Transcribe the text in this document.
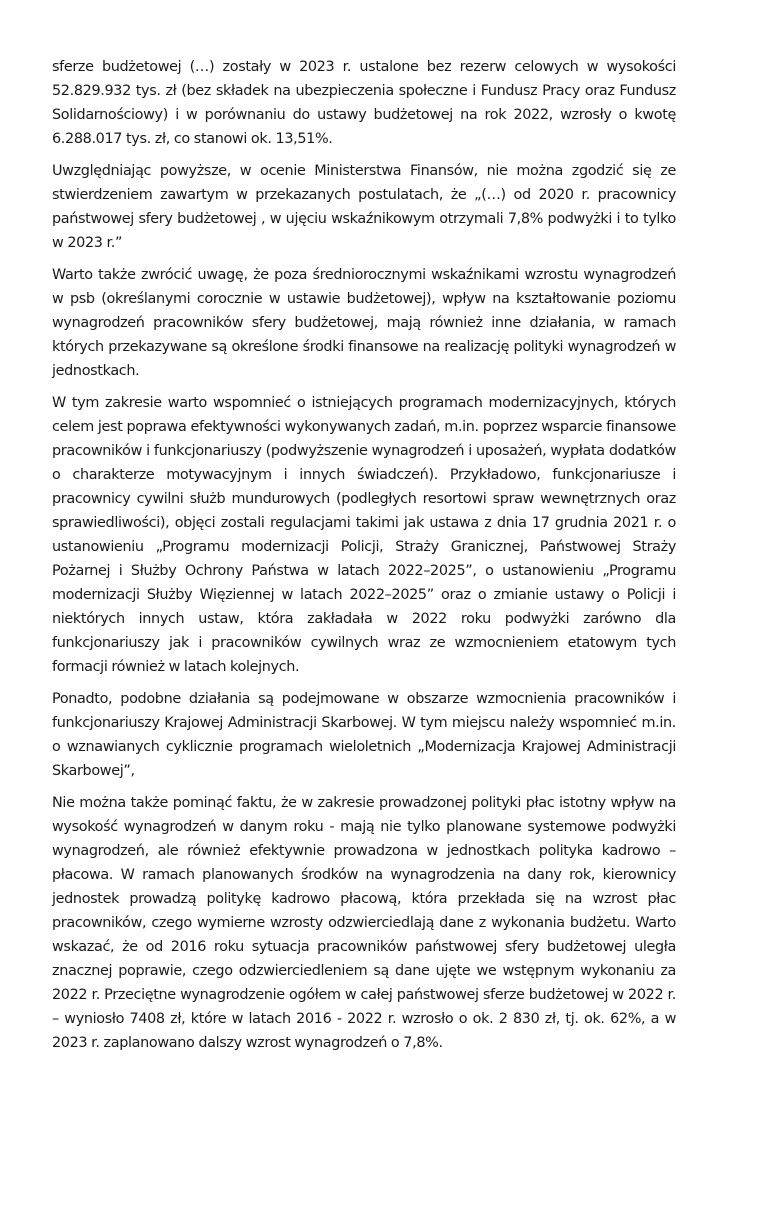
sferze budżetowej (…) zostały w 2023 r. ustalone bez rezerw celowych w wysokości 52.829.932 tys. zł (bez składek na ubezpieczenia społeczne i Fundusz Pracy oraz Fundusz Solidarnościowy) i w porównaniu do ustawy budżetowej na rok 2022, wzrosły o kwotę 6.288.017 tys. zł, co stanowi ok. 13,51%.

Uwzględniając powyższe, w ocenie Ministerstwa Finansów, nie można zgodzić się ze stwierdzeniem zawartym w przekazanych postulatach, że „(…) od 2020 r. pracownicy państwowej sfery budżetowej , w ujęciu wskaźnikowym otrzymali 7,8% podwyżki i to tylko w 2023 r.”

Warto także zwrócić uwagę, że poza średniorocznymi wskaźnikami wzrostu wynagrodzeń w psb (określanymi corocznie w ustawie budżetowej), wpływ na kształtowanie poziomu wynagrodzeń pracowników sfery budżetowej, mają również inne działania, w ramach których przekazywane są określone środki finansowe na realizację polityki wynagrodzeń w jednostkach.

W tym zakresie warto wspomnieć o istniejących programach modernizacyjnych, których celem jest poprawa efektywności wykonywanych zadań, m.in. poprzez wsparcie finansowe pracowników i funkcjonariuszy (podwyższenie wynagrodzeń i uposażeń, wypłata dodatków o charakterze motywacyjnym i innych świadczeń). Przykładowo, funkcjonariusze i pracownicy cywilni służb mundurowych (podległych resortowi spraw wewnętrznych oraz sprawiedliwości), objęci zostali regulacjami takimi jak ustawa z dnia 17 grudnia 2021 r. o ustanowieniu „Programu modernizacji Policji, Straży Granicznej, Państwowej Straży Pożarnej i Służby Ochrony Państwa w latach 2022–2025”, o ustanowieniu „Programu modernizacji Służby Więziennej w latach 2022–2025” oraz o zmianie ustawy o Policji i niektórych innych ustaw, która zakładała w 2022 roku podwyżki zarówno dla funkcjonariuszy jak i pracowników cywilnych wraz ze wzmocnieniem etatowym tych formacji również w latach kolejnych.

Ponadto, podobne działania są podejmowane w obszarze wzmocnienia pracowników i funkcjonariuszy Krajowej Administracji Skarbowej. W tym miejscu należy wspomnieć m.in. o wznawianych cyklicznie programach wieloletnich „Modernizacja Krajowej Administracji Skarbowej”,

Nie można także pominąć faktu, że w zakresie prowadzonej polityki płac istotny wpływ na wysokość wynagrodzeń w danym roku - mają nie tylko planowane systemowe podwyżki wynagrodzeń, ale również efektywnie prowadzona w jednostkach polityka kadrowo – płacowa. W ramach planowanych środków na wynagrodzenia na dany rok, kierownicy jednostek prowadzą politykę kadrowo płacową, która przekłada się na wzrost płac pracowników, czego wymierne wzrosty odzwierciedlają dane z wykonania budżetu. Warto wskazać, że od 2016 roku sytuacja pracowników państwowej sfery budżetowej uległa znacznej poprawie, czego odzwierciedleniem są dane ujęte we wstępnym wykonaniu za 2022 r. Przeciętne wynagrodzenie ogółem w całej państwowej sferze budżetowej w 2022 r. – wyniosło 7408 zł, które w latach 2016 - 2022 r. wzrosło o ok. 2 830 zł, tj. ok. 62%, a w 2023 r. zaplanowano dalszy wzrost wynagrodzeń o 7,8%.
